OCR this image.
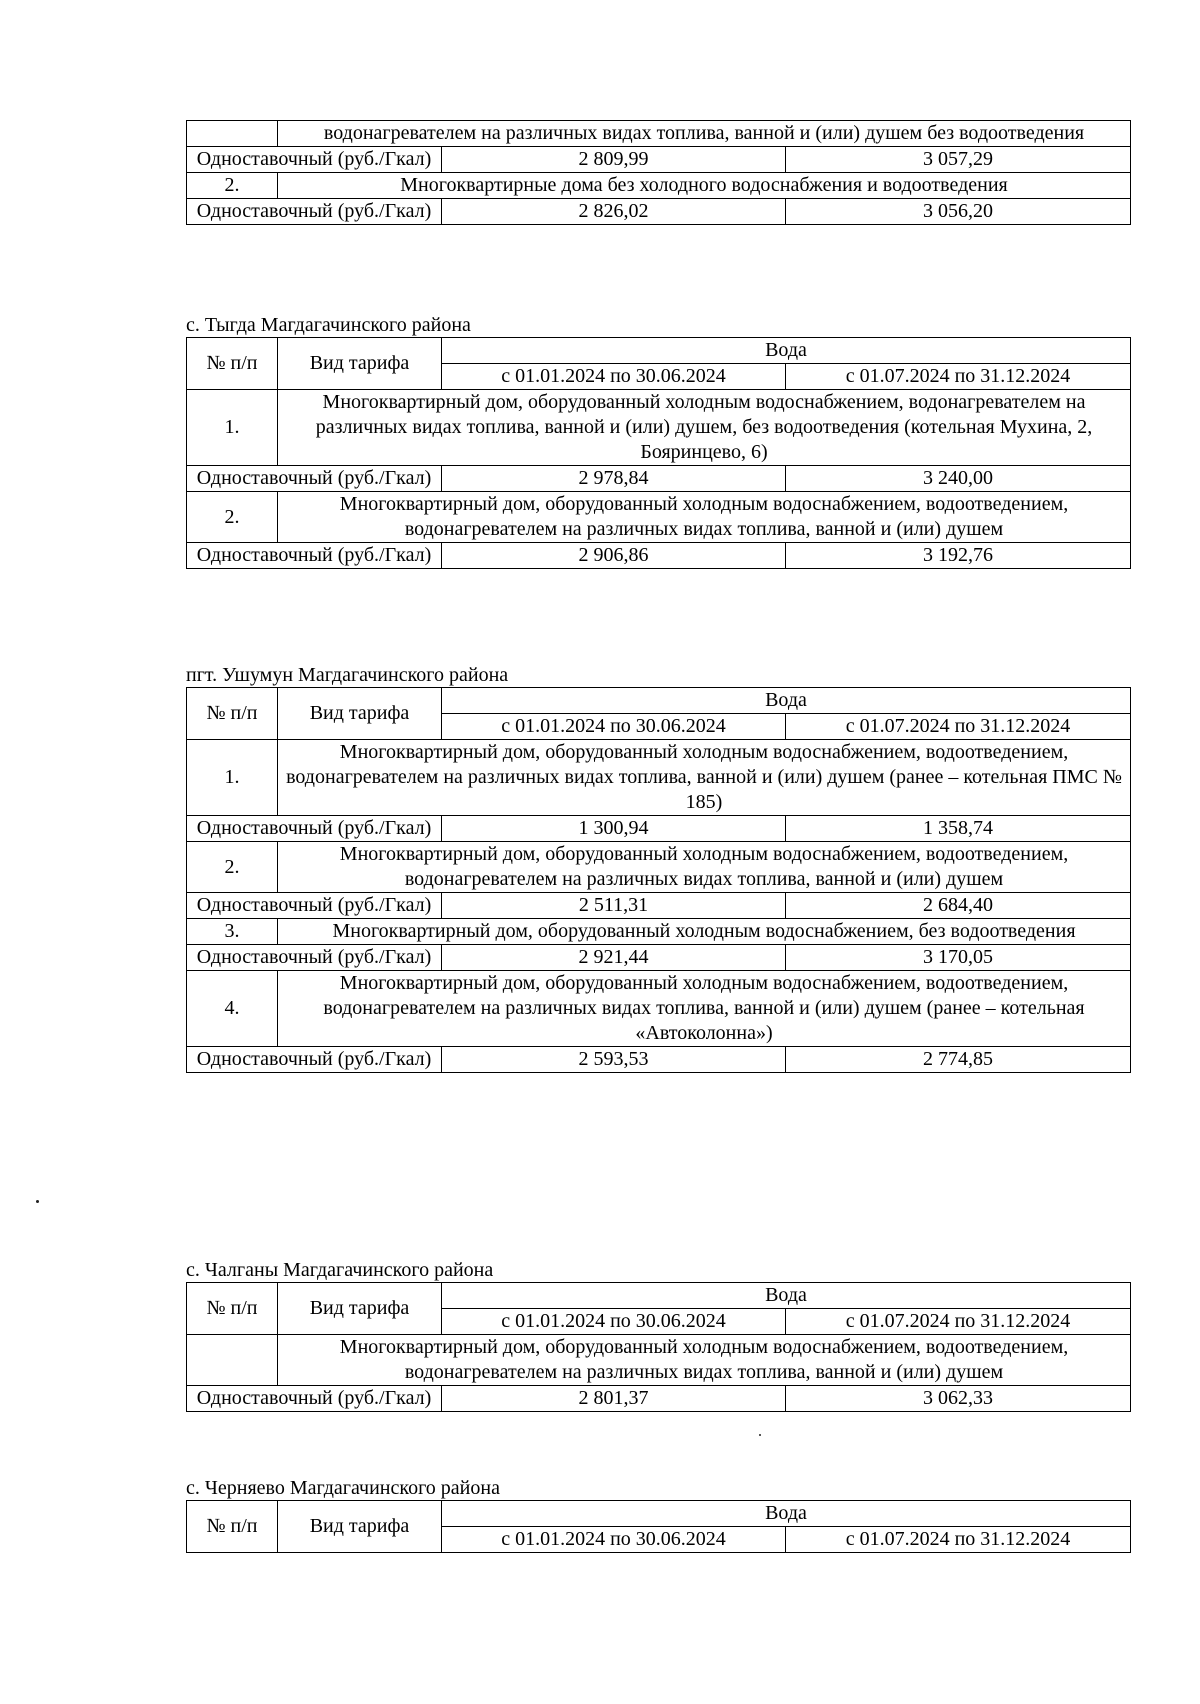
	водонагревателем на различных видах топлива, ванной и (или) душем без водоотведения		
Одноставочный (руб./Гкал)		2 809,99	3 057,29
2.	Многоквартирные дома без холодного водоснабжения и водоотведения		
Одноставочный (руб./Гкал)		2 826,02	3 056,20
с. Тыгда Магдагачинского района
№ п/п	Вид тарифа	Вода	
		с 01.01.2024 по 30.06.2024	с 01.07.2024 по 31.12.2024
1.	Многоквартирный дом, оборудованный холодным водоснабжением, водонагревателем на различных видах топлива, ванной и (или) душем, без водоотведения (котельная Мухина, 2, Бояринцево, 6)		
Одноставочный (руб./Гкал)		2 978,84	3 240,00
2.	Многоквартирный дом, оборудованный холодным водоснабжением, водоотведением, водонагревателем на различных видах топлива, ванной и (или) душем		
Одноставочный (руб./Гкал)		2 906,86	3 192,76
пгт. Ушумун Магдагачинского района
№ п/п	Вид тарифа	Вода	
		с 01.01.2024 по 30.06.2024	с 01.07.2024 по 31.12.2024
1.	Многоквартирный дом, оборудованный холодным водоснабжением, водоотведением, водонагревателем на различных видах топлива, ванной и (или) душем (ранее – котельная ПМС № 185)		
Одноставочный (руб./Гкал)		1 300,94	1 358,74
2.	Многоквартирный дом, оборудованный холодным водоснабжением, водоотведением, водонагревателем на различных видах топлива, ванной и (или) душем		
Одноставочный (руб./Гкал)		2 511,31	2 684,40
3.	Многоквартирный дом, оборудованный холодным водоснабжением, без водоотведения		
Одноставочный (руб./Гкал)		2 921,44	3 170,05
4.	Многоквартирный дом, оборудованный холодным водоснабжением, водоотведением, водонагревателем на различных видах топлива, ванной и (или) душем (ранее – котельная «Автоколонна»)		
Одноставочный (руб./Гкал)		2 593,53	2 774,85
с. Чалганы Магдагачинского района
№ п/п	Вид тарифа	Вода	
		с 01.01.2024 по 30.06.2024	с 01.07.2024 по 31.12.2024
	Многоквартирный дом, оборудованный холодным водоснабжением, водоотведением, водонагревателем на различных видах топлива, ванной и (или) душем		
Одноставочный (руб./Гкал)		2 801,37	3 062,33
с. Черняево Магдагачинского района
№ п/п	Вид тарифа	Вода	
		с 01.01.2024 по 30.06.2024	с 01.07.2024 по 31.12.2024
